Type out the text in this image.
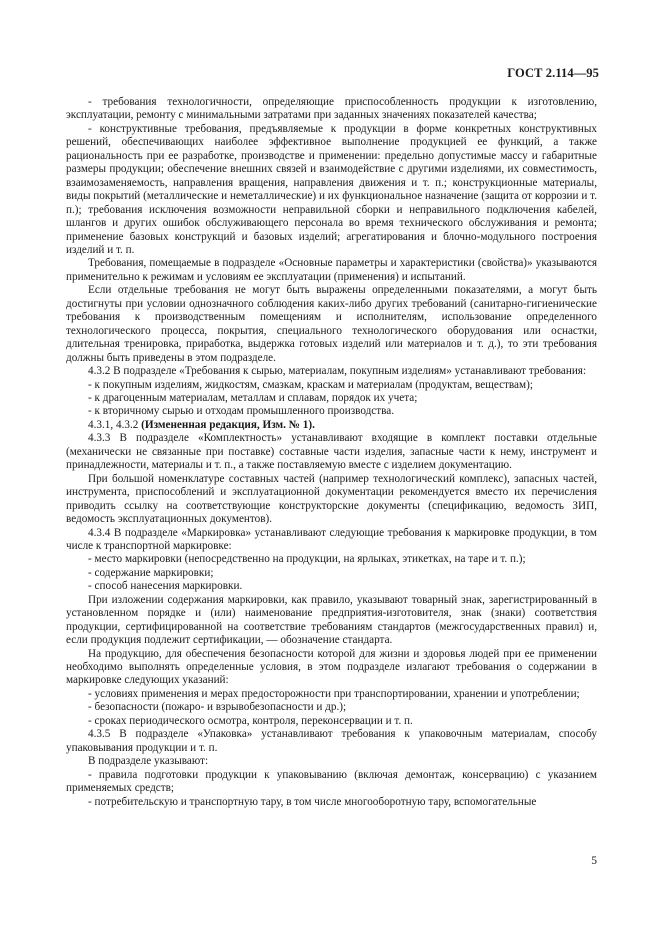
ГОСТ 2.114—95

- требования технологичности, определяющие приспособленность продукции к изготовлению, эксплуатации, ремонту с минимальными затратами при заданных значениях показателей качества;

- конструктивные требования, предъявляемые к продукции в форме конкретных конструктивных решений, обеспечивающих наиболее эффективное выполнение продукцией ее функций, а также рациональность при ее разработке, производстве и применении: предельно допустимые массу и габаритные размеры продукции; обеспечение внешних связей и взаимодействие с другими изделиями, их совместимость, взаимозаменяемость, направления вращения, направления движения и т. п.; конструкционные материалы, виды покрытий (металлические и неметаллические) и их функциональное назначение (защита от коррозии и т. п.); требования исключения возможности неправильной сборки и неправильного подключения кабелей, шлангов и других ошибок обслуживающего персонала во время технического обслуживания и ремонта; применение базовых конструкций и базовых изделий; агрегатирования и блочно-модульного построения изделий и т. п.

Требования, помещаемые в подразделе «Основные параметры и характеристики (свойства)» указываются применительно к режимам и условиям ее эксплуатации (применения) и испытаний.

Если отдельные требования не могут быть выражены определенными показателями, а могут быть достигнуты при условии однозначного соблюдения каких-либо других требований (санитарно-гигиенические требования к производственным помещениям и исполнителям, использование определенного технологического процесса, покрытия, специального технологического оборудования или оснастки, длительная тренировка, приработка, выдержка готовых изделий или материалов и т. д.), то эти требования должны быть приведены в этом подразделе.

4.3.2 В подразделе «Требования к сырью, материалам, покупным изделиям» устанавливают требования:

- к покупным изделиям, жидкостям, смазкам, краскам и материалам (продуктам, веществам);

- к драгоценным материалам, металлам и сплавам, порядок их учета;

- к вторичному сырью и отходам промышленного производства.

4.3.1, 4.3.2 (Измененная редакция, Изм. № 1).

4.3.3 В подразделе «Комплектность» устанавливают входящие в комплект поставки отдельные (механически не связанные при поставке) составные части изделия, запасные части к нему, инструмент и принадлежности, материалы и т. п., а также поставляемую вместе с изделием документацию.

При большой номенклатуре составных частей (например технологический комплекс), запасных частей, инструмента, приспособлений и эксплуатационной документации рекомендуется вместо их перечисления приводить ссылку на соответствующие конструкторские документы (спецификацию, ведомость ЗИП, ведомость эксплуатационных документов).

4.3.4 В подразделе «Маркировка» устанавливают следующие требования к маркировке продукции, в том числе к транспортной маркировке:

- место маркировки (непосредственно на продукции, на ярлыках, этикетках, на таре и т. п.);

- содержание маркировки;

- способ нанесения маркировки.

При изложении содержания маркировки, как правило, указывают товарный знак, зарегистрированный в установленном порядке и (или) наименование предприятия-изготовителя, знак (знаки) соответствия продукции, сертифицированной на соответствие требованиям стандартов (межгосударственных правил) и, если продукция подлежит сертификации, — обозначение стандарта.

На продукцию, для обеспечения безопасности которой для жизни и здоровья людей при ее применении необходимо выполнять определенные условия, в этом подразделе излагают требования о содержании в маркировке следующих указаний:

- условиях применения и мерах предосторожности при транспортировании, хранении и употреблении;

- безопасности (пожаро- и взрывобезопасности и др.);

- сроках периодического осмотра, контроля, переконсервации и т. п.

4.3.5 В подразделе «Упаковка» устанавливают требования к упаковочным материалам, способу упаковывания продукции и т. п.

В подразделе указывают:

- правила подготовки продукции к упаковыванию (включая демонтаж, консервацию) с указанием применяемых средств;

- потребительскую и транспортную тару, в том числе многооборотную тару, вспомогательные

5
